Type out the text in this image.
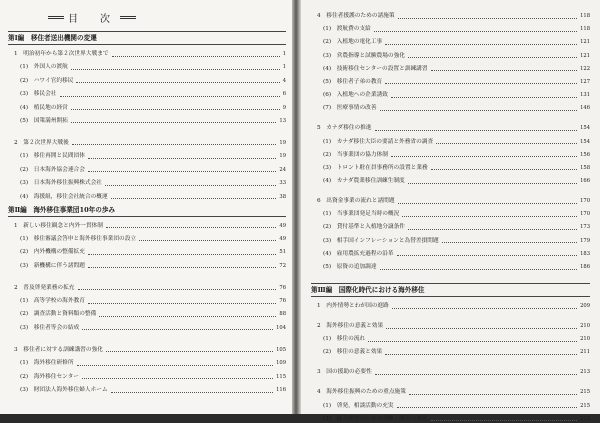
目　次
第Ⅰ編　移住者送出機関の変遷
1　明治初年から第２次世界大戦まで	1
(1)　外国人の渡航	1
(2)　ハワイ官約移民	4
(3)　移民会社	6
(4)　植民地の経営	9
(5)　国策満州開拓	13
2　第２次世界大戦後	19
(1)　移住再開と民間団体	19
(2)　日本海外協会連合会	24
(3)　日本海外移住振興株式会社	33
(4)　海援組，移住会社統合の概運	38
第Ⅱ編　海外移住事業団10年の歩み
1　新しい移住観念と内外一貫体制	49
(1)　移住審議会答申と海外移住事業団の設立	49
(2)　内外機構の整備拡充	51
(3)　新機構に伴う諸問題	72
2　普及啓発業務の拡充	76
(1)　高等学校の海外教育	76
(2)　調査活動と資料類の整備	88
(3)　移住者等会の結成	104
3　移住者に対する訓練講習の強化	105
(1)　海外移住研修所	109
(2)　海外移住センター	115
(3)　財団法人海外移住婦人ホーム	116
4　移住者援護のための諸施策	118
(1)　渡航費の支給	118
(2)　入植地の電化工事	121
(3)　営農指導と試験農場の強化	121
(4)　技術移住センターの設置と訓練講習	122
(5)　移住者子弟の教育	127
(6)　入植地への企業誘致	131
(7)　医療事情の改善	146
5　カナダ移住の推進	154
(1)　カナダ移住大臣の要請と外務省の調査	154
(2)　当事業団の協力体制	156
(3)　トロント駐在員事務所の設置と業務	158
(4)　カナダ農業移住訓練生制度	166
6　出資金事業の流れと諸問題	170
(1)　当事業団発足当時の概況	170
(2)　貸付基準と入植地分譲条件	173
(3)　相手国インフレーションと為替差損問題	179
(4)　雇用農拡充過程の沿革	183
(5)　原資の追加調達	186
第Ⅲ編　国際化時代における海外移住
1　内外情勢とわが国の進路	209
2　海外移住の意義と効果	210
(1)　移住の流れ	210
(2)　移住の意義と効果	211
3　国の援助の必要性	213
4　海外移住振興のための重点施策	215
(1)　啓発，相談活動の充実	215
(2)　能力開発のための訓練・講習の強化	215
